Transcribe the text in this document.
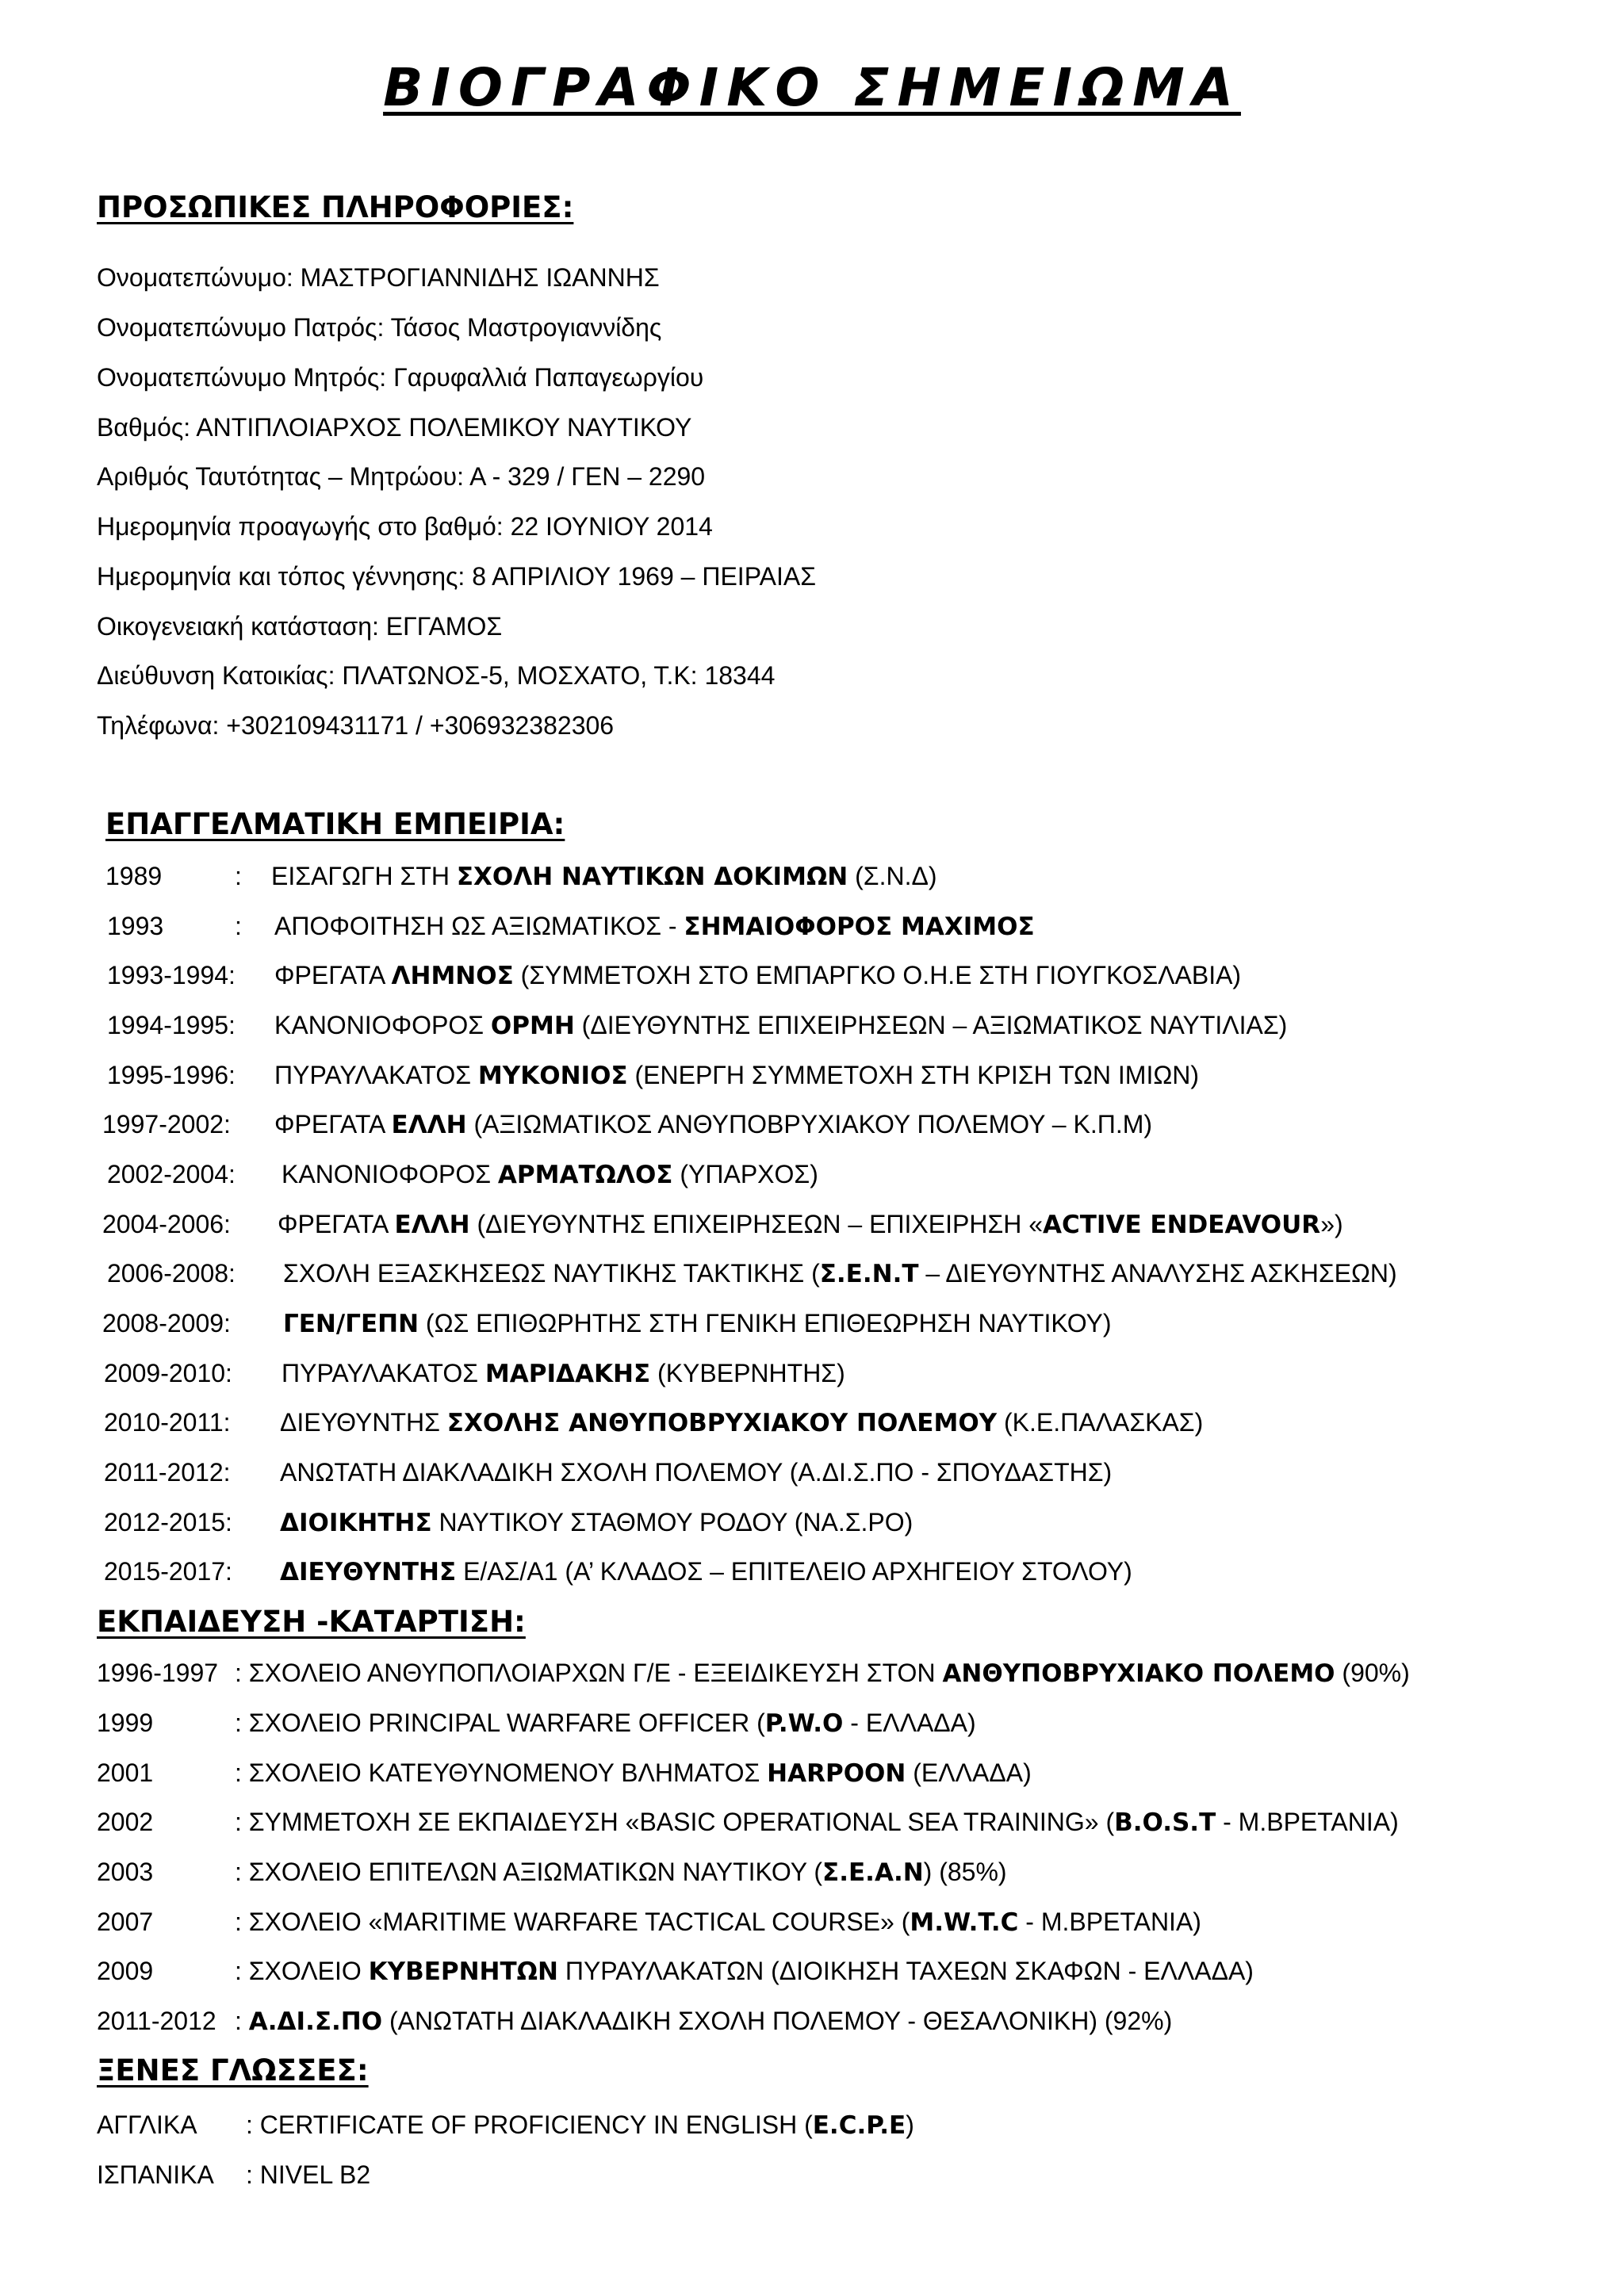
ΒΙΟΓΡΑΦΙΚΟ ΣΗΜΕΙΩΜΑ
ΠΡΟΣΩΠΙΚΕΣ ΠΛΗΡΟΦΟΡΙΕΣ:
Ονοματεπώνυμο: ΜΑΣΤΡΟΓΙΑΝΝΙΔΗΣ ΙΩΑΝΝΗΣ
Ονοματεπώνυμο Πατρός: Τάσος Μαστρογιαννίδης
Ονοματεπώνυμο Μητρός: Γαρυφαλλιά Παπαγεωργίου
Βαθμός: ΑΝΤΙΠΛΟΙΑΡΧΟΣ ΠΟΛΕΜΙΚΟΥ ΝΑΥΤΙΚΟΥ
Αριθμός Ταυτότητας – Μητρώου: Α - 329 / ΓΕΝ – 2290
Ημερομηνία προαγωγής στο βαθμό: 22 ΙΟΥΝΙΟΥ 2014
Ημερομηνία και τόπος γέννησης: 8 ΑΠΡΙΛΙΟΥ 1969 – ΠΕΙΡΑΙΑΣ
Οικογενειακή κατάσταση: ΕΓΓΑΜΟΣ
Διεύθυνση Κατοικίας: ΠΛΑΤΩΝΟΣ-5, ΜΟΣΧΑΤΟ, Τ.Κ: 18344
Τηλέφωνα: +302109431171 / +306932382306
ΕΠΑΓΓΕΛΜΑΤΙΚΗ ΕΜΠΕΙΡΙΑ:
1989	: ΕΙΣΑΓΩΓΗ ΣΤΗ ΣΧΟΛΗ ΝΑΥΤΙΚΩΝ ΔΟΚΙΜΩΝ (Σ.Ν.Δ)
1993	: ΑΠΟΦΟΙΤΗΣΗ ΩΣ ΑΞΙΩΜΑΤΙΚΟΣ - ΣΗΜΑΙΟΦΟΡΟΣ ΜΑΧΙΜΟΣ
1993-1994: ΦΡΕΓΑΤΑ ΛΗΜΝΟΣ (ΣΥΜΜΕΤΟΧΗ ΣΤΟ ΕΜΠΑΡΓΚΟ Ο.Η.Ε ΣΤΗ ΓΙΟΥΓΚΟΣΛΑΒΙΑ)
1994-1995: ΚΑΝΟΝΙΟΦΟΡΟΣ ΟΡΜΗ (ΔΙΕΥΘΥΝΤΗΣ ΕΠΙΧΕΙΡΗΣΕΩΝ – ΑΞΙΩΜΑΤΙΚΟΣ ΝΑΥΤΙΛΙΑΣ)
1995-1996: ΠΥΡΑΥΛΑΚΑΤΟΣ ΜΥΚΟΝΙΟΣ (ΕΝΕΡΓΗ ΣΥΜΜΕΤΟΧΗ ΣΤΗ ΚΡΙΣΗ ΤΩΝ ΙΜΙΩΝ)
1997-2002: ΦΡΕΓΑΤΑ ΕΛΛΗ (ΑΞΙΩΜΑΤΙΚΟΣ ΑΝΘΥΠΟΒΡΥΧΙΑΚΟΥ ΠΟΛΕΜΟΥ – Κ.Π.Μ)
2002-2004: ΚΑΝΟΝΙΟΦΟΡΟΣ ΑΡΜΑΤΩΛΟΣ (ΥΠΑΡΧΟΣ)
2004-2006: ΦΡΕΓΑΤΑ ΕΛΛΗ (ΔΙΕΥΘΥΝΤΗΣ ΕΠΙΧΕΙΡΗΣΕΩΝ – ΕΠΙΧΕΙΡΗΣΗ «ACTIVE ENDEAVOUR»)
2006-2008: ΣΧΟΛΗ ΕΞΑΣΚΗΣΕΩΣ ΝΑΥΤΙΚΗΣ ΤΑΚΤΙΚΗΣ (Σ.Ε.Ν.Τ – ΔΙΕΥΘΥΝΤΗΣ ΑΝΑΛΥΣΗΣ ΑΣΚΗΣΕΩΝ)
2008-2009: ΓΕΝ/ΓΕΠΝ (ΩΣ ΕΠΙΘΩΡΗΤΗΣ ΣΤΗ ΓΕΝΙΚΗ ΕΠΙΘΕΩΡΗΣΗ ΝΑΥΤΙΚΟΥ)
2009-2010: ΠΥΡΑΥΛΑΚΑΤΟΣ ΜΑΡΙΔΑΚΗΣ (ΚΥΒΕΡΝΗΤΗΣ)
2010-2011: ΔΙΕΥΘΥΝΤΗΣ ΣΧΟΛΗΣ ΑΝΘΥΠΟΒΡΥΧΙΑΚΟΥ ΠΟΛΕΜΟΥ (Κ.Ε.ΠΑΛΑΣΚΑΣ)
2011-2012: ΑΝΩΤΑΤΗ ΔΙΑΚΛΑΔΙΚΗ ΣΧΟΛΗ ΠΟΛΕΜΟΥ (Α.ΔΙ.Σ.ΠΟ - ΣΠΟΥΔΑΣΤΗΣ)
2012-2015: ΔΙΟΙΚΗΤΗΣ ΝΑΥΤΙΚΟΥ ΣΤΑΘΜΟΥ ΡΟΔΟΥ (ΝΑ.Σ.ΡΟ)
2015-2017: ΔΙΕΥΘΥΝΤΗΣ Ε/ΑΣ/Α1 (Α’ ΚΛΑΔΟΣ – ΕΠΙΤΕΛΕΙΟ ΑΡΧΗΓΕΙΟΥ ΣΤΟΛΟΥ)
ΕΚΠΑΙΔΕΥΣΗ -ΚΑΤΑΡΤΙΣΗ:
1996-1997 : ΣΧΟΛΕΙΟ ΑΝΘΥΠΟΠΛΟΙΑΡΧΩΝ Γ/Ε - ΕΞΕΙΔΙΚΕΥΣΗ ΣΤΟΝ ΑΝΘΥΠΟΒΡΥΧΙΑΚΟ ΠΟΛΕΜΟ (90%)
1999	: ΣΧΟΛΕΙΟ PRINCIPAL WARFARE OFFICER (P.W.O - ΕΛΛΑΔΑ)
2001	: ΣΧΟΛΕΙΟ ΚΑΤΕΥΘΥΝΟΜΕΝΟΥ ΒΛΗΜΑΤΟΣ HARPOON (ΕΛΛΑΔΑ)
2002	: ΣΥΜΜΕΤΟΧΗ ΣΕ ΕΚΠΑΙΔΕΥΣΗ «BASIC OPERATIONAL SEA TRAINING» (B.O.S.T - Μ.ΒΡΕΤΑΝΙΑ)
2003	: ΣΧΟΛΕΙΟ ΕΠΙΤΕΛΩΝ ΑΞΙΩΜΑΤΙΚΩΝ ΝΑΥΤΙΚΟΥ (Σ.Ε.Α.Ν) (85%)
2007	: ΣΧΟΛΕΙΟ «MARITIME WARFARE TACTICAL COURSE» (M.W.T.C - Μ.ΒΡΕΤΑΝΙΑ)
2009	: ΣΧΟΛΕΙΟ ΚΥΒΕΡΝΗΤΩΝ ΠΥΡΑΥΛΑΚΑΤΩΝ (ΔΙΟΙΚΗΣΗ ΤΑΧΕΩΝ ΣΚΑΦΩΝ - ΕΛΛΑΔΑ)
2011-2012 : Α.ΔΙ.Σ.ΠΟ (ΑΝΩΤΑΤΗ ΔΙΑΚΛΑΔΙΚΗ ΣΧΟΛΗ ΠΟΛΕΜΟΥ - ΘΕΣΑΛΟΝΙΚΗ) (92%)
ΞΕΝΕΣ ΓΛΩΣΣΕΣ:
ΑΓΓΛΙΚΑ : CERTIFICATE OF PROFICIENCY IN ENGLISH (E.C.P.E)
ΙΣΠΑΝΙΚΑ : NIVEL B2
